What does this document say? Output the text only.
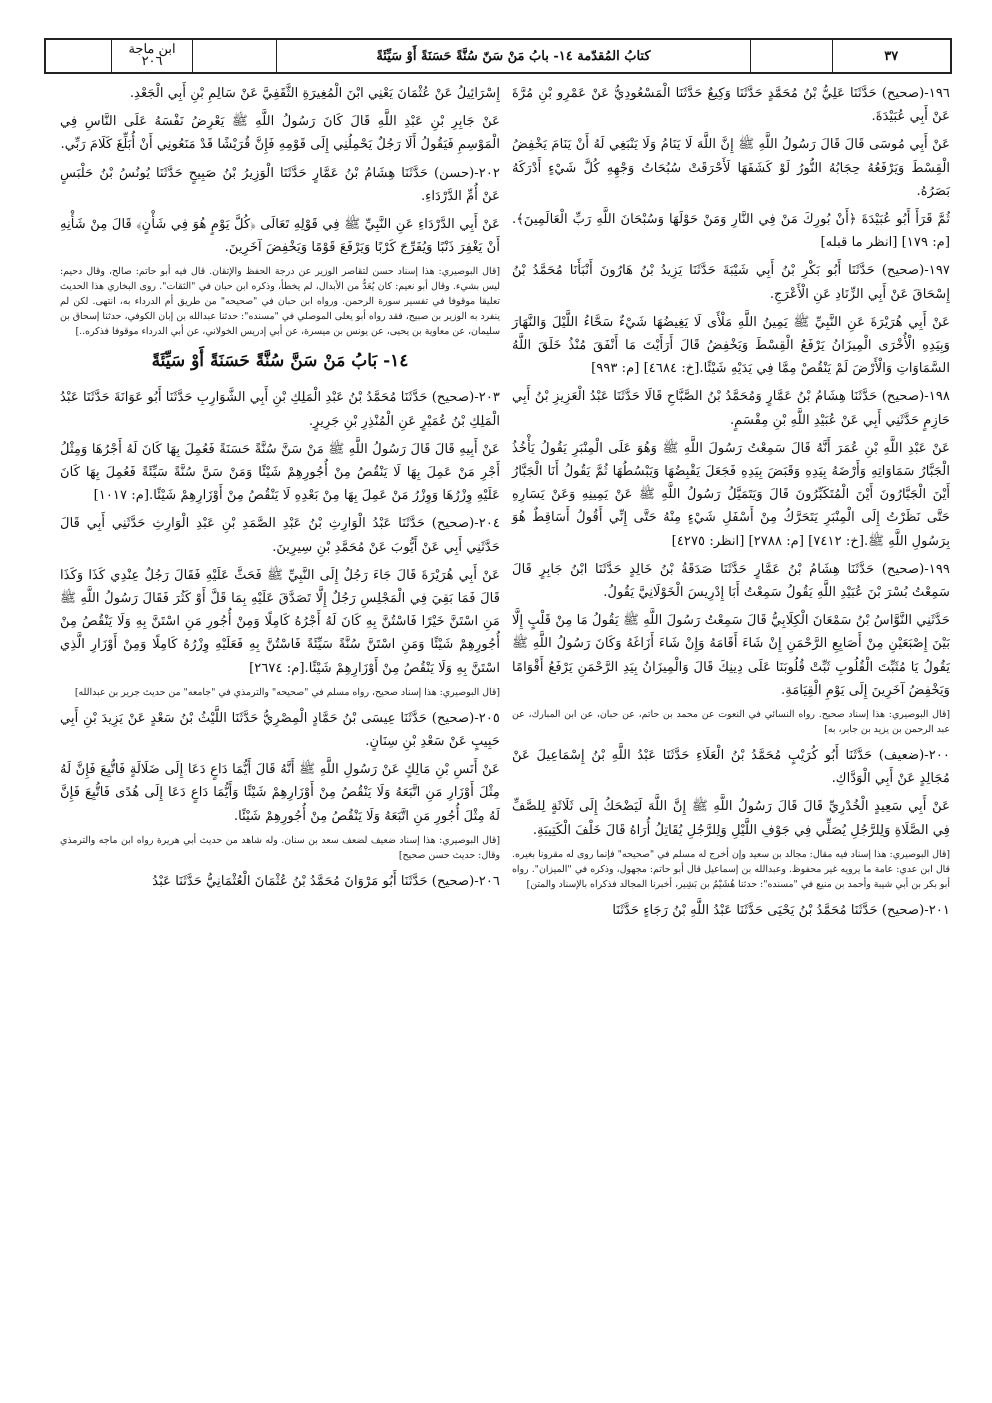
ابن ماجة
٢٠٦	كتابُ المُقدّمة ١٤- بابُ مَنْ سَنّ سُنَّةً حَسَنَةً أَوْ سَيِّئَةً	٣٧

١٩٦-(صحيح) حَدَّثَنَا عَلِيُّ بْنُ مُحَمَّدٍ حَدَّثَنَا وَكِيعٌ حَدَّثَنَا الْمَسْعُودِيُّ عَنْ عَمْرِو بْنِ مُرَّةَ عَنْ أَبِي عُبَيْدَةَ.

عَنْ أَبِي مُوسَى قَالَ قَالَ رَسُولُ اللَّهِ ﷺ إِنَّ اللَّهَ لَا يَنَامُ وَلَا يَنْبَغِي لَهُ أَنْ يَنَامَ يَخْفِضُ الْقِسْطَ وَيَرْفَعُهُ حِجَابُهُ النُّورُ لَوْ كَشَفَهَا لَأَحْرَقَتْ سُبُحَاتُ وَجْهِهِ كُلَّ شَيْءٍ أَدْرَكَهُ بَصَرُهُ.

ثُمَّ قَرَأَ أَبُو عُبَيْدَةَ ﴿أَنْ بُورِكَ مَنْ فِي النَّارِ وَمَنْ حَوْلَهَا وَسُبْحَانَ اللَّهِ رَبِّ الْعَالَمِينَ﴾.[م: ١٧٩] [انظر ما قبله]

١٩٧-(صحيح) حَدَّثَنَا أَبُو بَكْرِ بْنُ أَبِي شَيْبَةَ حَدَّثَنَا يَزِيدُ بْنُ هَارُونَ أَنْبَأَنَا مُحَمَّدُ بْنُ إِسْحَاقَ عَنْ أَبِي الزِّنَادِ عَنِ الْأَعْرَجِ.

عَنْ أَبِي هُرَيْرَةَ عَنِ النَّبِيِّ ﷺ يَمِينُ اللَّهِ مَلْأَى لَا يَغِيضُهَا شَيْءٌ سَحَّاءُ اللَّيْلَ وَالنَّهَارَ وَبِيَدِهِ الْأُخْرَى الْمِيزَانُ يَرْفَعُ الْقِسْطَ وَيَخْفِضُ قَالَ أَرَأَيْتَ مَا أَنْفَقَ مُنْذُ خَلَقَ اللَّهُ السَّمَاوَاتِ وَالْأَرْضَ لَمْ يَنْقُصْ مِمَّا فِي يَدَيْهِ شَيْئًا.[خ: ٤٦٨٤] [م: ٩٩٣]

١٩٨-(صحيح) حَدَّثَنَا هِشَامُ بْنُ عَمَّارٍ وَمُحَمَّدُ بْنُ الصَّبَّاحِ قَالَا حَدَّثَنَا عَبْدُ الْعَزِيزِ بْنُ أَبِي حَازِمٍ حَدَّثَنِي أَبِي عَنْ عُبَيْدِ اللَّهِ بْنِ مِقْسَمٍ.

عَنْ عَبْدِ اللَّهِ بْنِ عُمَرَ أَنَّهُ قَالَ سَمِعْتُ رَسُولَ اللَّهِ ﷺ وَهُوَ عَلَى الْمِنْبَرِ يَقُولُ يَأْخُذُ الْجَبَّارُ سَمَاوَاتِهِ وَأَرْضَهُ بِيَدِهِ وَقَبَضَ بِيَدِهِ فَجَعَلَ يَقْبِضُهَا وَيَبْسُطُهَا ثُمَّ يَقُولُ أَنَا الْجَبَّارُ أَيْنَ الْجَبَّارُونَ أَيْنَ الْمُتَكَبِّرُونَ قَالَ وَيَتَمَيَّلُ رَسُولُ اللَّهِ ﷺ عَنْ يَمِينِهِ وَعَنْ يَسَارِهِ حَتَّى نَظَرْتُ إِلَى الْمِنْبَرِ يَتَحَرَّكُ مِنْ أَسْفَلِ شَيْءٍ مِنْهُ حَتَّى إِنِّي أَقُولُ أَسَاقِطٌ هُوَ بِرَسُولِ اللَّهِ ﷺ.[خ: ٧٤١٢] [م: ٢٧٨٨] [انظر: ٤٢٧٥]

١٩٩-(صحيح) حَدَّثَنَا هِشَامُ بْنُ عَمَّارٍ حَدَّثَنَا صَدَقَةُ بْنُ خَالِدٍ حَدَّثَنَا ابْنُ جَابِرٍ قَالَ سَمِعْتُ بُسْرَ بْنَ عُبَيْدِ اللَّهِ يَقُولُ سَمِعْتُ أَبَا إِدْرِيسَ الْخَوْلَانِيَّ يَقُولُ.

حَدَّثَنِي النَّوَّاسُ بْنُ سَمْعَانَ الْكِلَابِيُّ قَالَ سَمِعْتُ رَسُولَ اللَّهِ ﷺ يَقُولُ مَا مِنْ قَلْبٍ إِلَّا بَيْنَ إِصْبَعَيْنِ مِنْ أَصَابِعِ الرَّحْمَنِ إِنْ شَاءَ أَقَامَهُ وَإِنْ شَاءَ أَزَاغَهُ وَكَانَ رَسُولُ اللَّهِ ﷺ يَقُولُ يَا مُثَبِّتَ الْقُلُوبِ ثَبِّتْ قُلُوبَنَا عَلَى دِينِكَ قَالَ وَالْمِيزَانُ بِيَدِ الرَّحْمَنِ يَرْفَعُ أَقْوَامًا وَيَخْفِضُ آخَرِينَ إِلَى يَوْمِ الْقِيَامَةِ.

[قال البوصيري: هذا إسناد صحيح. رواه النسائي في النعوت عن محمد بن حاتم، عن حبان، عن ابن المبارك، عن عبد الرحمن بن يزيد بن جابر، به]

٢٠٠-(ضعيف) حَدَّثَنَا أَبُو كُرَيْبٍ مُحَمَّدُ بْنُ الْعَلَاءِ حَدَّثَنَا عَبْدُ اللَّهِ بْنُ إِسْمَاعِيلَ عَنْ مُجَالِدٍ عَنْ أَبِي الْوَدَّاكِ.

عَنْ أَبِي سَعِيدٍ الْخُدْرِيِّ قَالَ قَالَ رَسُولُ اللَّهِ ﷺ إِنَّ اللَّهَ لَيَضْحَكُ إِلَى ثَلَاثَةٍ لِلصَّفِّ فِي الصَّلَاةِ وَلِلرَّجُلِ يُصَلِّي فِي جَوْفِ اللَّيْلِ وَلِلرَّجُلِ يُقَاتِلُ أُرَاهُ قَالَ خَلْفَ الْكَتِيبَةِ.

[قال البوصيري: هذا إسناد فيه مقال: مجالد بن سعيد وإن أخرج له مسلم في "صحيحه" فإنما روى له مقرونا بغيره. قال ابن عدي: عامة ما يرويه غير محفوظ. وعبدالله بن إسماعيل قال أبو حاتم: مجهول، وذكره في "الميزان". رواه أبو بكر بن أبي شيبة وأحمد بن منيع في "مسنده": حدثنا هُشَيْمُ بن بَشِير، أخبرنا المجالد فذكراه بالإسناد والمتن]

٢٠١-(صحيح) حَدَّثَنَا مُحَمَّدُ بْنُ يَحْيَى حَدَّثَنَا عَبْدُ اللَّهِ بْنُ رَجَاءٍ حَدَّثَنَا

إِسْرَائِيلُ عَنْ عُثْمَانَ يَعْنِي ابْنَ الْمُغِيرَةِ الثَّقَفِيَّ عَنْ سَالِمِ بْنِ أَبِي الْجَعْدِ.

عَنْ جَابِرِ بْنِ عَبْدِ اللَّهِ قَالَ كَانَ رَسُولُ اللَّهِ ﷺ يَعْرِضُ نَفْسَهُ عَلَى النَّاسِ فِي الْمَوْسِمِ فَيَقُولُ أَلَا رَجُلٌ يَحْمِلُنِي إِلَى قَوْمِهِ فَإِنَّ قُرَيْشًا قَدْ مَنَعُونِي أَنْ أُبَلِّغَ كَلَامَ رَبِّي.

٢٠٢-(حسن) حَدَّثَنَا هِشَامُ بْنُ عَمَّارٍ حَدَّثَنَا الْوَزِيرُ بْنُ صَبِيحٍ حَدَّثَنَا يُونُسُ بْنُ حَلْبَسٍ عَنْ أُمِّ الدَّرْدَاءِ.

عَنْ أَبِي الدَّرْدَاءِ عَنِ النَّبِيِّ ﷺ فِي قَوْلِهِ تَعَالَى ﴿كُلَّ يَوْمٍ هُوَ فِي شَأْنٍ﴾ قَالَ مِنْ شَأْنِهِ أَنْ يَغْفِرَ ذَنْبًا وَيُفَرِّجَ كَرْبًا وَيَرْفَعَ قَوْمًا وَيَخْفِضَ آخَرِينَ.

[قال البوصيري: هذا إسناد حسن لتقاصر الوزير عن درجة الحفظ والإتقان. قال فيه أبو حاتم: صالح، وقال دحيم: ليس بشيء. وقال أبو نعيم: كان يُعَدُّ من الأبدال، لم يخطأ، وذكره ابن حبان في "الثقات". روى البخاري هذا الحديث تعليقا موقوفا في تفسير سورة الرحمن. ورواه ابن حبان في "صحيحه" من طريق أم الدرداء به، انتهى. لكن لم ينفرد به الوزير بن صبيح، فقد رواه أبو يعلى الموصلي في "مسنده": حدثنا عبدالله بن إبان الكوفي، حدثنا إسحاق بن سليمان، عن معاوية بن يحيى، عن يونس بن ميسرة، عن أبي إدريس الخولاني، عن أبي الدرداء موقوفا فذكره..]

١٤- بَابُ مَنْ سَنَّ سُنَّةً حَسَنَةً أَوْ سَيِّئَةً

٢٠٣-(صحيح) حَدَّثَنَا مُحَمَّدُ بْنُ عَبْدِ الْمَلِكِ بْنِ أَبِي الشَّوَارِبِ حَدَّثَنَا أَبُو عَوَانَةَ حَدَّثَنَا عَبْدُ الْمَلِكِ بْنُ عُمَيْرٍ عَنِ الْمُنْذِرِ بْنِ جَرِيرٍ.

عَنْ أَبِيهِ قَالَ قَالَ رَسُولُ اللَّهِ ﷺ مَنْ سَنَّ سُنَّةً حَسَنَةً فَعُمِلَ بِهَا كَانَ لَهُ أَجْرُهَا وَمِثْلُ أَجْرِ مَنْ عَمِلَ بِهَا لَا يَنْقُصُ مِنْ أُجُورِهِمْ شَيْئًا وَمَنْ سَنَّ سُنَّةً سَيِّئَةً فَعُمِلَ بِهَا كَانَ عَلَيْهِ وِزْرُهَا وَوِزْرُ مَنْ عَمِلَ بِهَا مِنْ بَعْدِهِ لَا يَنْقُصُ مِنْ أَوْزَارِهِمْ شَيْئًا.[م: ١٠١٧]

٢٠٤-(صحيح) حَدَّثَنَا عَبْدُ الْوَارِثِ بْنُ عَبْدِ الصَّمَدِ بْنِ عَبْدِ الْوَارِثِ حَدَّثَنِي أَبِي قَالَ حَدَّثَنِي أَبِي عَنْ أَيُّوبَ عَنْ مُحَمَّدِ بْنِ سِيرِينَ.

عَنْ أَبِي هُرَيْرَةَ قَالَ جَاءَ رَجُلٌ إِلَى النَّبِيِّ ﷺ فَحَثَّ عَلَيْهِ فَقَالَ رَجُلٌ عِنْدِي كَذَا وَكَذَا قَالَ فَمَا بَقِيَ فِي الْمَجْلِسِ رَجُلٌ إِلَّا تَصَدَّقَ عَلَيْهِ بِمَا قَلَّ أَوْ كَثُرَ فَقَالَ رَسُولُ اللَّهِ ﷺ مَنِ اسْتَنَّ خَيْرًا فَاسْتُنَّ بِهِ كَانَ لَهُ أَجْرُهُ كَامِلًا وَمِنْ أُجُورِ مَنِ اسْتَنَّ بِهِ وَلَا يَنْقُصُ مِنْ أُجُورِهِمْ شَيْئًا وَمَنِ اسْتَنَّ سُنَّةً سَيِّئَةً فَاسْتُنَّ بِهِ فَعَلَيْهِ وِزْرُهُ كَامِلًا وَمِنْ أَوْزَارِ الَّذِي اسْتَنَّ بِهِ وَلَا يَنْقُصُ مِنْ أَوْزَارِهِمْ شَيْئًا.[م: ٢٦٧٤]

[قال البوصيري: هذا إسناد صحيح، رواه مسلم في "صحيحه" والترمذي في "جامعه" من حديث جرير بن عبدالله]

٢٠٥-(صحيح) حَدَّثَنَا عِيسَى بْنُ حَمَّادٍ الْمِصْرِيُّ حَدَّثَنَا اللَّيْثُ بْنُ سَعْدٍ عَنْ يَزِيدَ بْنِ أَبِي حَبِيبٍ عَنْ سَعْدِ بْنِ سِنَانٍ.

عَنْ أَنَسِ بْنِ مَالِكٍ عَنْ رَسُولِ اللَّهِ ﷺ أَنَّهُ قَالَ أَيُّمَا دَاعٍ دَعَا إِلَى ضَلَالَةٍ فَاتُّبِعَ فَإِنَّ لَهُ مِثْلَ أَوْزَارِ مَنِ اتَّبَعَهُ وَلَا يَنْقُصُ مِنْ أَوْزَارِهِمْ شَيْئًا وَأَيُّمَا دَاعٍ دَعَا إِلَى هُدًى فَاتُّبِعَ فَإِنَّ لَهُ مِثْلَ أُجُورِ مَنِ اتَّبَعَهُ وَلَا يَنْقُصُ مِنْ أُجُورِهِمْ شَيْئًا.

[قال البوصيري: هذا إسناد ضعيف لضعف سعد بن سنان. وله شاهد من حديث أبي هريرة رواه ابن ماجه والترمذي وقال: حديث حسن صحيح]

٢٠٦-(صحيح) حَدَّثَنَا أَبُو مَرْوَانَ مُحَمَّدُ بْنُ عُثْمَانَ الْعُثْمَانِيُّ حَدَّثَنَا عَبْدُ
